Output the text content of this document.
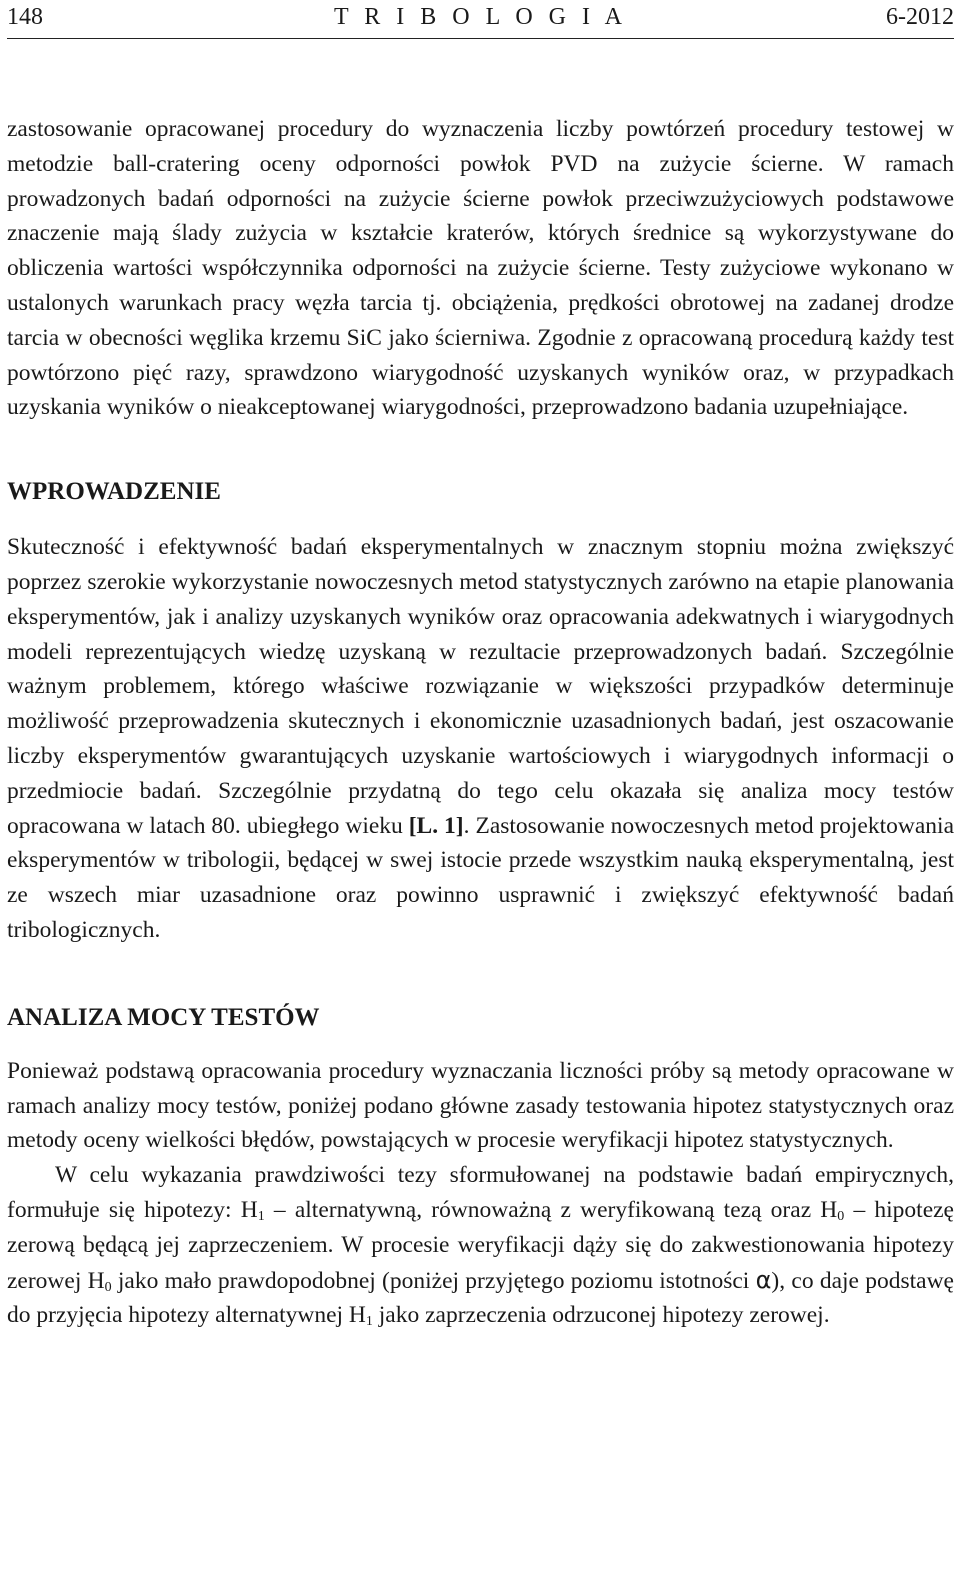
148	T R I B O L O G I A	6-2012

zastosowanie opracowanej procedury do wyznaczenia liczby powtórzeń procedury testowej w metodzie ball-cratering oceny odporności powłok PVD na zużycie ścierne. W ramach prowadzonych badań odporności na zużycie ścierne powłok przeciwzużyciowych podstawowe znaczenie mają ślady zużycia w kształcie kraterów, których średnice są wykorzystywane do obliczenia wartości współczynnika odporności na zużycie ścierne. Testy zużyciowe wykonano w ustalonych warunkach pracy węzła tarcia tj. obciążenia, prędkości obrotowej na zadanej drodze tarcia w obecności węglika krzemu SiC jako ścierniwa. Zgodnie z opracowaną procedurą każdy test powtórzono pięć razy, sprawdzono wiarygodność uzyskanych wyników oraz, w przypadkach uzyskania wyników o nieakceptowanej wiarygodności, przeprowadzono badania uzupełniające.

WPROWADZENIE

Skuteczność i efektywność badań eksperymentalnych w znacznym stopniu można zwiększyć poprzez szerokie wykorzystanie nowoczesnych metod statystycznych zarówno na etapie planowania eksperymentów, jak i analizy uzyskanych wyników oraz opracowania adekwatnych i wiarygodnych modeli reprezentujących wiedzę uzyskaną w rezultacie przeprowadzonych badań. Szczególnie ważnym problemem, którego właściwe rozwiązanie w większości przypadków determinuje możliwość przeprowadzenia skutecznych i ekonomicznie uzasadnionych badań, jest oszacowanie liczby eksperymentów gwarantujących uzyskanie wartościowych i wiarygodnych informacji o przedmiocie badań. Szczególnie przydatną do tego celu okazała się analiza mocy testów opracowana w latach 80. ubiegłego wieku [L. 1]. Zastosowanie nowoczesnych metod projektowania eksperymentów w tribologii, będącej w swej istocie przede wszystkim nauką eksperymentalną, jest ze wszech miar uzasadnione oraz powinno usprawnić i zwiększyć efektywność badań tribologicznych.

ANALIZA MOCY TESTÓW

Ponieważ podstawą opracowania procedury wyznaczania liczności próby są metody opracowane w ramach analizy mocy testów, poniżej podano główne zasady testowania hipotez statystycznych oraz metody oceny wielkości błędów, powstających w procesie weryfikacji hipotez statystycznych.

W celu wykazania prawdziwości tezy sformułowanej na podstawie badań empirycznych, formułuje się hipotezy: $H_1$ – alternatywną, równoważną z weryfikowaną tezą oraz $H_0$ – hipotezę zerową będącą jej zaprzeczeniem. W procesie weryfikacji dąży się do zakwestionowania hipotezy zerowej $H_0$ jako mało prawdopodobnej (poniżej przyjętego poziomu istotności α), co daje podstawę do przyjęcia hipotezy alternatywnej $H_1$ jako zaprzeczenia odrzuconej hipotezy zerowej.
